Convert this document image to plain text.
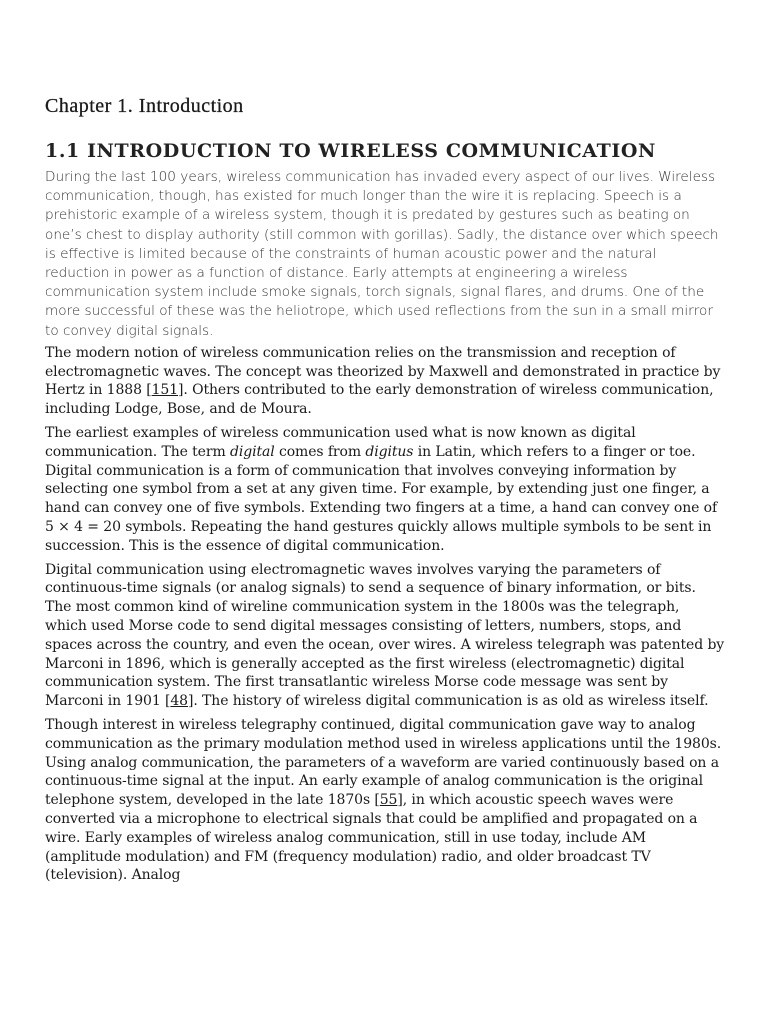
Chapter 1. Introduction
1.1 INTRODUCTION TO WIRELESS COMMUNICATION

During the last 100 years, wireless communication has invaded every aspect of our lives. Wireless communication, though, has existed for much longer than the wire it is replacing. Speech is a prehistoric example of a wireless system, though it is predated by gestures such as beating on one’s chest to display authority (still common with gorillas). Sadly, the distance over which speech is effective is limited because of the constraints of human acoustic power and the natural reduction in power as a function of distance. Early attempts at engineering a wireless communication system include smoke signals, torch signals, signal flares, and drums. One of the more successful of these was the heliotrope, which used reflections from the sun in a small mirror to convey digital signals.

The modern notion of wireless communication relies on the transmission and reception of electromagnetic waves. The concept was theorized by Maxwell and demonstrated in practice by Hertz in 1888 [151]. Others contributed to the early demonstration of wireless communication, including Lodge, Bose, and de Moura.

The earliest examples of wireless communication used what is now known as digital communication. The term digital comes from digitus in Latin, which refers to a finger or toe. Digital communication is a form of communication that involves conveying information by selecting one symbol from a set at any given time. For example, by extending just one finger, a hand can convey one of five symbols. Extending two fingers at a time, a hand can convey one of 5 × 4 = 20 symbols. Repeating the hand gestures quickly allows multiple symbols to be sent in succession. This is the essence of digital communication.

Digital communication using electromagnetic waves involves varying the parameters of continuous-time signals (or analog signals) to send a sequence of binary information, or bits. The most common kind of wireline communication system in the 1800s was the telegraph, which used Morse code to send digital messages consisting of letters, numbers, stops, and spaces across the country, and even the ocean, over wires. A wireless telegraph was patented by Marconi in 1896, which is generally accepted as the first wireless (electromagnetic) digital communication system. The first transatlantic wireless Morse code message was sent by Marconi in 1901 [48]. The history of wireless digital communication is as old as wireless itself.

Though interest in wireless telegraphy continued, digital communication gave way to analog communication as the primary modulation method used in wireless applications until the 1980s. Using analog communication, the parameters of a waveform are varied continuously based on a continuous-time signal at the input. An early example of analog communication is the original telephone system, developed in the late 1870s [55], in which acoustic speech waves were converted via a microphone to electrical signals that could be amplified and propagated on a wire. Early examples of wireless analog communication, still in use today, include AM (amplitude modulation) and FM (frequency modulation) radio, and older broadcast TV (television). Analog
